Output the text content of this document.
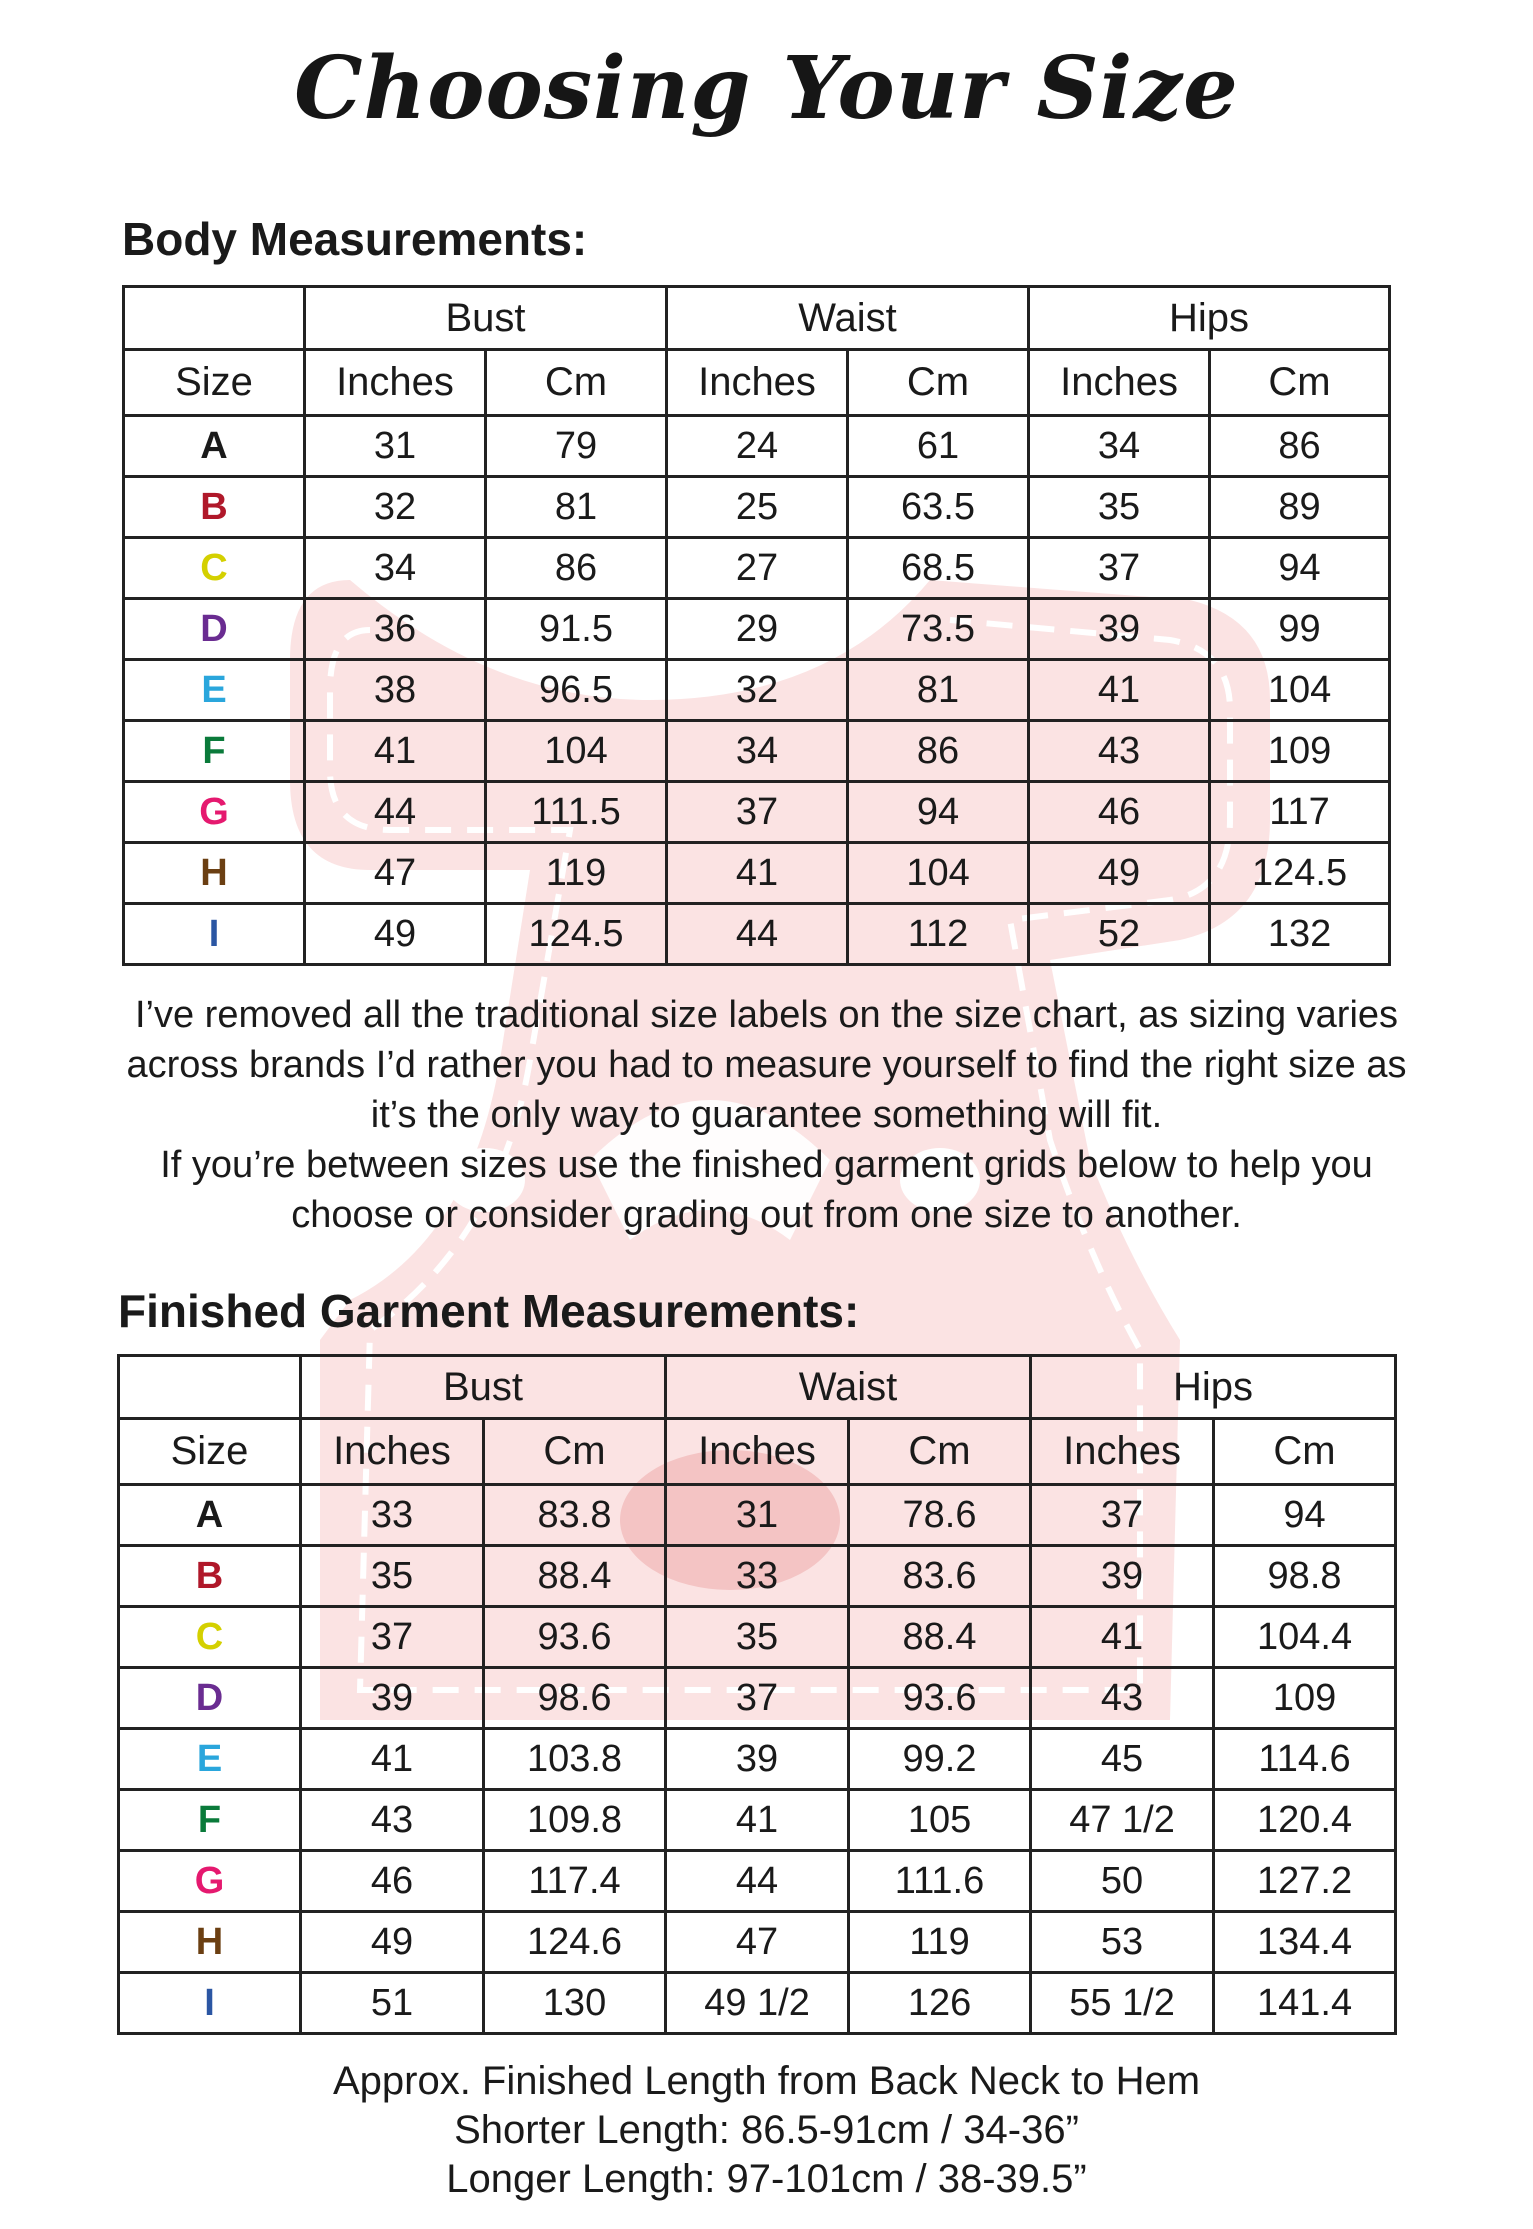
Choosing Your Size
Body Measurements:
	Bust		Waist		Hips	
Size	Inches	Cm	Inches	Cm	Inches	Cm
A	31	79	24	61	34	86
B	32	81	25	63.5	35	89
C	34	86	27	68.5	37	94
D	36	91.5	29	73.5	39	99
E	38	96.5	32	81	41	104
F	41	104	34	86	43	109
G	44	111.5	37	94	46	117
H	47	119	41	104	49	124.5
I	49	124.5	44	112	52	132
I’ve removed all the traditional size labels on the size chart, as sizing varies
across brands I’d rather you had to measure yourself to find the right size as
it’s the only way to guarantee something will fit.
If you’re between sizes use the finished garment grids below to help you
choose or consider grading out from one size to another.
Finished Garment Measurements:
	Bust		Waist		Hips	
Size	Inches	Cm	Inches	Cm	Inches	Cm
A	33	83.8	31	78.6	37	94
B	35	88.4	33	83.6	39	98.8
C	37	93.6	35	88.4	41	104.4
D	39	98.6	37	93.6	43	109
E	41	103.8	39	99.2	45	114.6
F	43	109.8	41	105	47 1/2	120.4
G	46	117.4	44	111.6	50	127.2
H	49	124.6	47	119	53	134.4
I	51	130	49 1/2	126	55 1/2	141.4
Approx. Finished Length from Back Neck to Hem
Shorter Length: 86.5-91cm / 34-36”
Longer Length: 97-101cm / 38-39.5”
